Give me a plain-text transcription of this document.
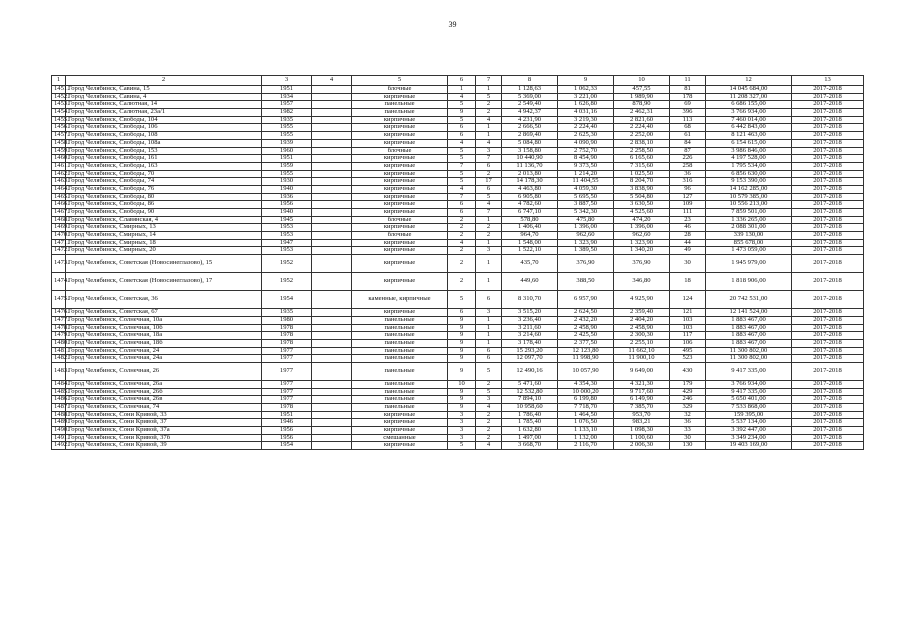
39
1	2	3	4	5	6	7	8	9	10	11	12	13
1451.	Город Челябинск, Савина, 15	1951		блочные	1	1	1 128,63	1 062,33	457,55	81	14 045 684,00	2017-2018
1452.	Город Челябинск, Савина, 4	1934		кирпичные	4	5	5 369,00	3 221,00	1 989,90	178	11 208 327,00	2017-2018
1453.	Город Челябинск, Салютная, 14	1957		панельные	5	2	2 549,40	1 626,80	878,90	69	6 686 155,00	2017-2018
1454.	Город Челябинск, Салютная, 23а/1	1982		панельные	9	2	4 942,37	4 031,16	2 462,31	396	3 766 934,00	2017-2018
1455.	Город Челябинск, Свободы, 104	1935		кирпичные	5	4	4 231,90	3 219,30	2 821,60	113	7 460 014,00	2017-2018
1456.	Город Челябинск, Свободы, 106	1955		кирпичные	6	1	2 666,50	2 224,40	2 224,40	68	6 442 843,00	2017-2018
1457.	Город Челябинск, Свободы, 108	1955		кирпичные	6	1	2 869,40	2 625,30	2 252,00	61	8 121 463,00	2017-2018
1458.	Город Челябинск, Свободы, 108а	1939		кирпичные	4	4	5 084,80	4 090,90	2 838,10	84	6 154 615,00	2017-2018
1459.	Город Челябинск, Свободы, 153	1960		блочные	5	3	3 158,80	2 752,70	2 258,50	87	3 986 846,00	2017-2018
1460.	Город Челябинск, Свободы, 161	1951		кирпичные	5	7	10 440,90	8 454,90	6 165,60	226	4 197 528,00	2017-2018
1461.	Город Челябинск, Свободы, 163	1959		кирпичные	7	6	11 136,70	9 373,50	7 315,60	258	1 795 534,00	2017-2018
1462.	Город Челябинск, Свободы, 70	1955		кирпичные	5	2	2 013,80	1 214,20	1 025,50	36	6 856 630,00	2017-2018
1463.	Город Челябинск, Свободы, 74	1930		кирпичные	5	17	14 178,30	11 404,55	8 204,70	316	9 153 390,00	2017-2018
1464.	Город Челябинск, Свободы, 76	1940		кирпичные	4	6	4 463,80	4 059,30	3 838,90	96	14 162 285,00	2017-2018
1465.	Город Челябинск, Свободы, 80	1936		кирпичные	7	5	6 905,80	5 695,50	5 504,80	127	10 579 385,00	2017-2018
1466.	Город Челябинск, Свободы, 86	1956		кирпичные	6	4	4 782,60	3 887,50	3 630,50	109	10 556 213,00	2017-2018
1467.	Город Челябинск, Свободы, 90	1940		кирпичные	6	7	6 747,10	5 342,30	4 525,60	111	7 859 501,00	2017-2018
1468.	Город Челябинск, Славянская, 4	1945		блочные	2	1	578,80	475,80	474,20	23	1 336 265,00	2017-2018
1469.	Город Челябинск, Смирных, 13	1953		кирпичные	2	2	1 406,40	1 396,00	1 396,00	46	2 088 301,00	2017-2018
1470.	Город Челябинск, Смирных, 14	1953		блочные	2	2	964,70	962,60	962,60	28	339 130,00	2017-2018
1471.	Город Челябинск, Смирных, 18	1947		кирпичные	4	1	1 548,00	1 323,90	1 323,90	44	855 678,00	2017-2018
1472.	Город Челябинск, Смирных, 20	1953		кирпичные	2	3	1 522,10	1 389,50	1 340,20	49	1 473 059,00	2017-2018
1473.	Город Челябинск, Советская (Новосинеглазово), 15	1952		кирпичные	2	1	435,70	376,90	376,90	30	1 945 979,00	2017-2018
1474.	Город Челябинск, Советская (Новосинеглазово), 17	1952		кирпичные	2	1	449,60	388,50	346,80	18	1 818 906,00	2017-2018
1475.	Город Челябинск, Советская, 36	1954		каменные, кирпичные	5	6	8 310,70	6 957,90	4 925,90	124	20 742 531,00	2017-2018
1476.	Город Челябинск, Советская, 67	1935		кирпичные	6	3	3 515,20	2 624,50	2 359,40	121	12 141 524,00	2017-2018
1477.	Город Челябинск, Солнечная, 10а	1980		панельные	9	1	3 236,40	2 432,20	2 404,20	103	1 883 467,00	2017-2018
1478.	Город Челябинск, Солнечная, 10б	1978		панельные	9	1	3 211,60	2 458,90	2 458,90	103	1 883 467,00	2017-2018
1479.	Город Челябинск, Солнечная, 18а	1978		панельные	9	1	3 214,60	2 425,50	2 300,30	117	1 883 467,00	2017-2018
1480.	Город Челябинск, Солнечная, 18б	1978		панельные	9	1	3 178,40	2 377,50	2 255,10	106	1 883 467,00	2017-2018
1481.	Город Челябинск, Солнечная, 24	1977		панельные	9	6	15 293,20	12 123,80	11 662,10	495	11 300 802,00	2017-2018
1482.	Город Челябинск, Солнечная, 24а	1977		панельные	9	6	12 097,70	11 998,90	11 900,10	523	11 300 802,00	2017-2018
1483.	Город Челябинск, Солнечная, 26	1977		панельные	9	5	12 490,16	10 057,90	9 649,00	430	9 417 335,00	2017-2018
1484.	Город Челябинск, Солнечная, 26а	1977		панельные	10	2	5 471,60	4 354,30	4 321,30	179	3 766 934,00	2017-2018
1485.	Город Челябинск, Солнечная, 26б	1977		панельные	9	5	12 532,80	10 000,20	9 717,60	429	9 417 335,00	2017-2018
1486.	Город Челябинск, Солнечная, 26в	1977		панельные	9	3	7 894,10	6 199,80	6 149,90	246	5 650 401,00	2017-2018
1487.	Город Челябинск, Солнечная, 74	1978		панельные	9	4	10 958,60	7 718,70	7 385,70	329	7 533 868,00	2017-2018
1488.	Город Челябинск, Сони Кривой, 33	1951		кирпичные	3	2	1 786,40	1 464,50	953,70	32	159 395,00	2017-2018
1489.	Город Челябинск, Сони Кривой, 37	1946		кирпичные	3	2	1 785,40	1 076,50	983,21	36	5 537 134,00	2017-2018
1490.	Город Челябинск, Сони Кривой, 37а	1956		кирпичные	3	2	1 632,80	1 133,10	1 098,30	33	3 392 447,00	2017-2018
1491.	Город Челябинск, Сони Кривой, 37б	1956		смешанные	3	2	1 497,00	1 132,00	1 100,60	30	3 349 234,00	2017-2018
1492.	Город Челябинск, Сони Кривой, 39	1954		кирпичные	5	4	3 668,70	2 116,70	2 006,30	130	19 403 169,00	2017-2018
